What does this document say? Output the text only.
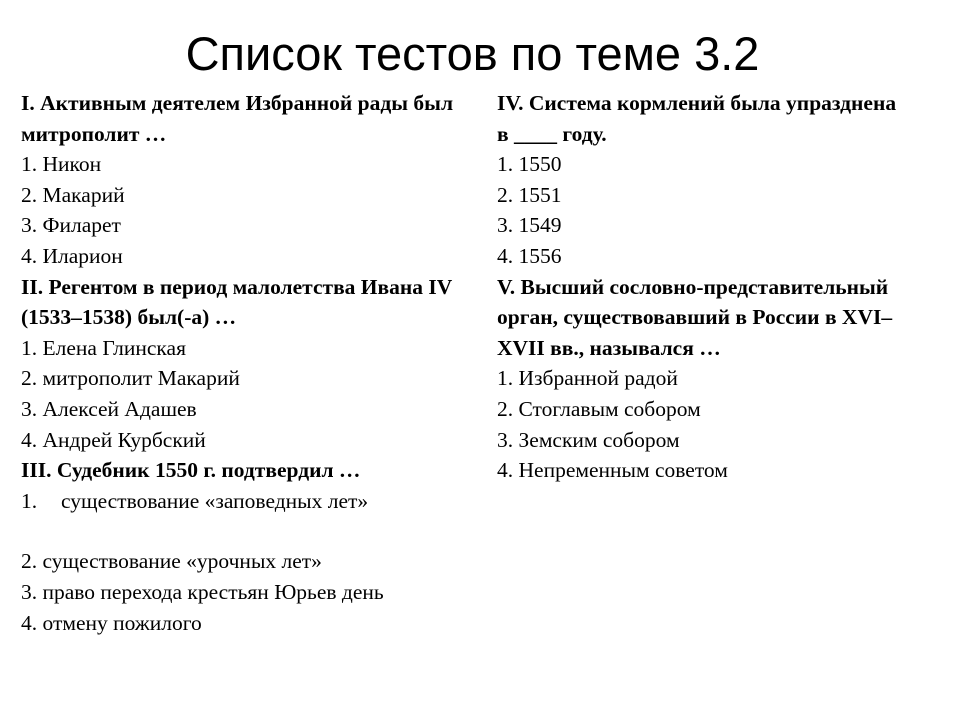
Список тестов по теме 3.2

I. Активным деятелем Избранной рады был митрополит …

1. Никон

2. Макарий

3. Филарет

4. Иларион

II. Регентом в период малолетства Ивана IV (1533–1538) был(-а) …

1. Елена Глинская

2. митрополит Макарий

3. Алексей Адашев

4. Андрей Курбский

III. Судебник 1550 г. подтвердил …

1. существование «заповедных лет»

2. существование «урочных лет»

3. право перехода крестьян Юрьев день

4. отмену пожилого

IV. Система кормлений была упразднена в ____ году.

1. 1550

2. 1551

3. 1549

4. 1556

V. Высший сословно-представительный орган, существовавший в России в XVI–XVII вв., назывался …

1. Избранной радой

2. Стоглавым собором

3. Земским собором

4. Непременным советом
